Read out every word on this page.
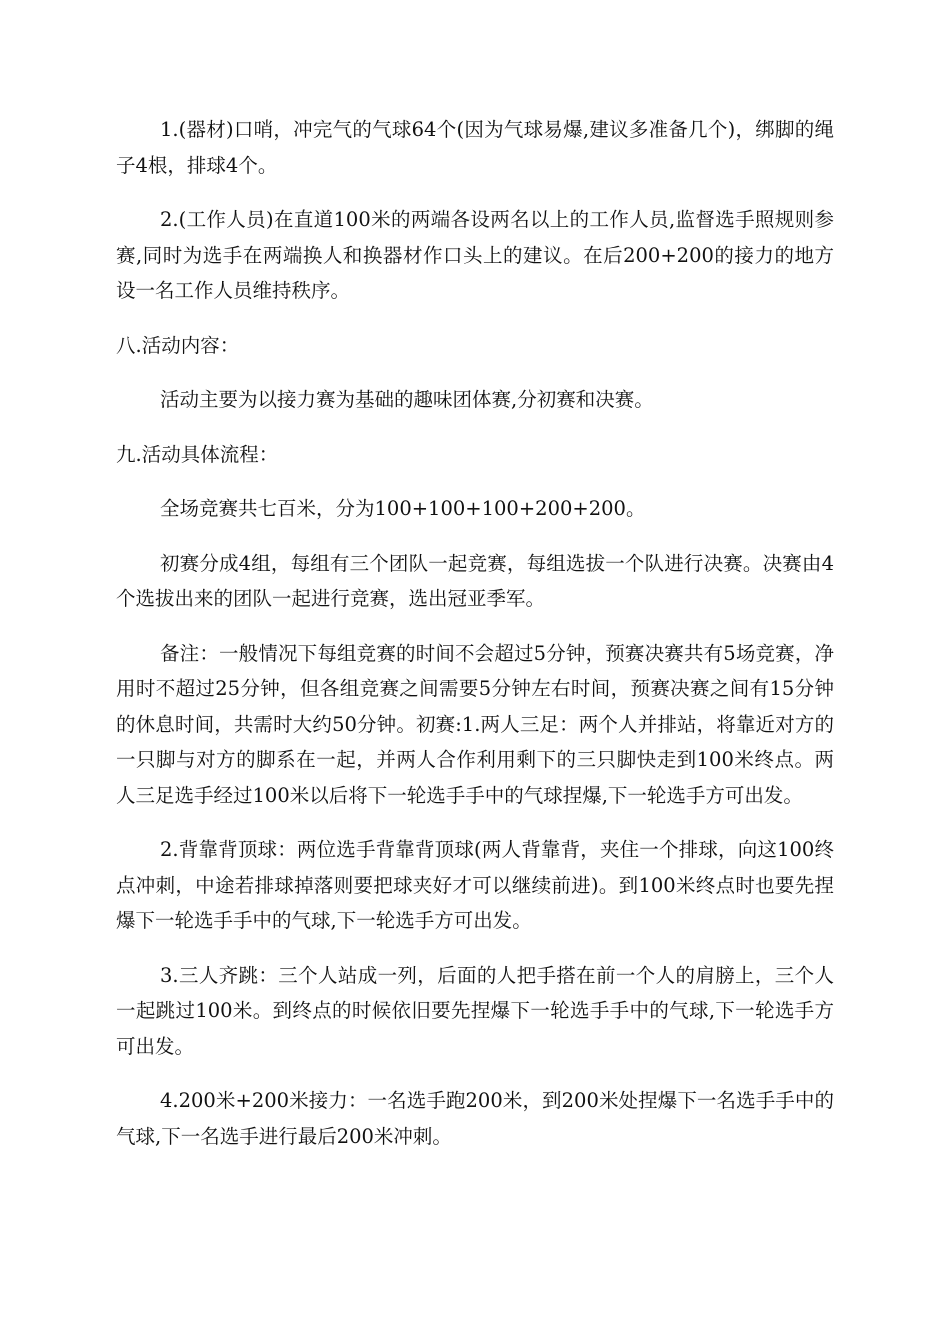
1.(器材)口哨，冲完气的气球64个(因为气球易爆,建议多准备几个)，绑脚的绳子4根，排球4个。

2.(工作人员)在直道100米的两端各设两名以上的工作人员,监督选手照规则参赛,同时为选手在两端换人和换器材作口头上的建议。在后200+200的接力的地方设一名工作人员维持秩序。

八.活动内容：

活动主要为以接力赛为基础的趣味团体赛,分初赛和决赛。

九.活动具体流程：

全场竞赛共七百米，分为100+100+100+200+200。

初赛分成4组，每组有三个团队一起竞赛，每组选拔一个队进行决赛。决赛由4个选拔出来的团队一起进行竞赛，选出冠亚季军。

备注：一般情况下每组竞赛的时间不会超过5分钟，预赛决赛共有5场竞赛，净用时不超过25分钟，但各组竞赛之间需要5分钟左右时间，预赛决赛之间有15分钟的休息时间，共需时大约50分钟。初赛:1.两人三足：两个人并排站，将靠近对方的一只脚与对方的脚系在一起，并两人合作利用剩下的三只脚快走到100米终点。两人三足选手经过100米以后将下一轮选手手中的气球捏爆,下一轮选手方可出发。

2.背靠背顶球：两位选手背靠背顶球(两人背靠背，夹住一个排球，向这100终点冲刺，中途若排球掉落则要把球夹好才可以继续前进)。到100米终点时也要先捏爆下一轮选手手中的气球,下一轮选手方可出发。

3.三人齐跳：三个人站成一列，后面的人把手搭在前一个人的肩膀上，三个人一起跳过100米。到终点的时候依旧要先捏爆下一轮选手手中的气球,下一轮选手方可出发。

4.200米+200米接力：一名选手跑200米，到200米处捏爆下一名选手手中的气球,下一名选手进行最后200米冲刺。
